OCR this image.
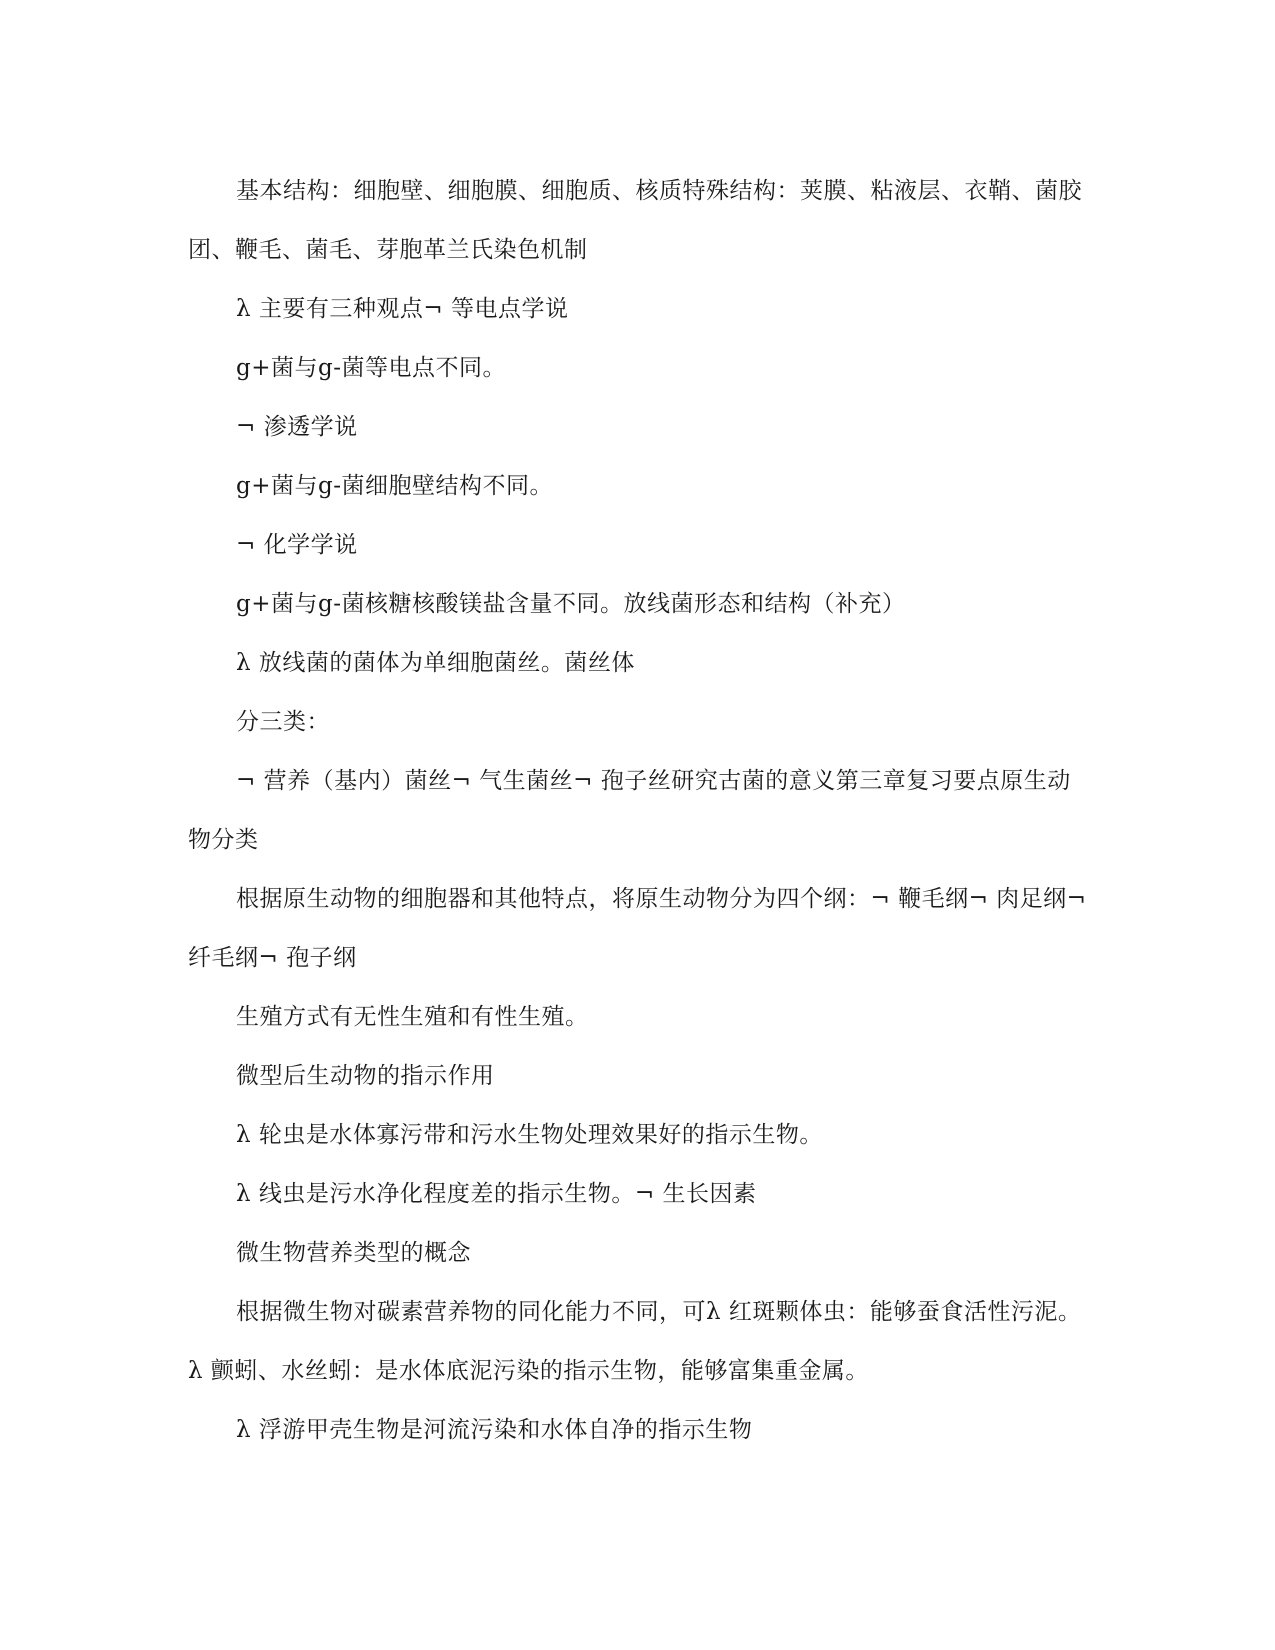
基本结构：细胞壁、细胞膜、细胞质、核质特殊结构：荚膜、粘液层、衣鞘、菌胶团、鞭毛、菌毛、芽胞革兰氏染色机制

λ 主要有三种观点¬ 等电点学说

g+菌与g-菌等电点不同。

¬ 渗透学说

g+菌与g-菌细胞壁结构不同。

¬ 化学学说

g+菌与g-菌核糖核酸镁盐含量不同。放线菌形态和结构（补充）

λ 放线菌的菌体为单细胞菌丝。菌丝体

分三类：

¬ 营养（基内）菌丝¬ 气生菌丝¬ 孢子丝研究古菌的意义第三章复习要点原生动物分类

根据原生动物的细胞器和其他特点，将原生动物分为四个纲：¬ 鞭毛纲¬ 肉足纲¬ 纤毛纲¬ 孢子纲

生殖方式有无性生殖和有性生殖。

微型后生动物的指示作用

λ 轮虫是水体寡污带和污水生物处理效果好的指示生物。

λ 线虫是污水净化程度差的指示生物。¬ 生长因素

微生物营养类型的概念

根据微生物对碳素营养物的同化能力不同，可λ 红斑颗体虫：能够蚕食活性污泥。λ 颤蚓、水丝蚓：是水体底泥污染的指示生物，能够富集重金属。

λ 浮游甲壳生物是河流污染和水体自净的指示生物
